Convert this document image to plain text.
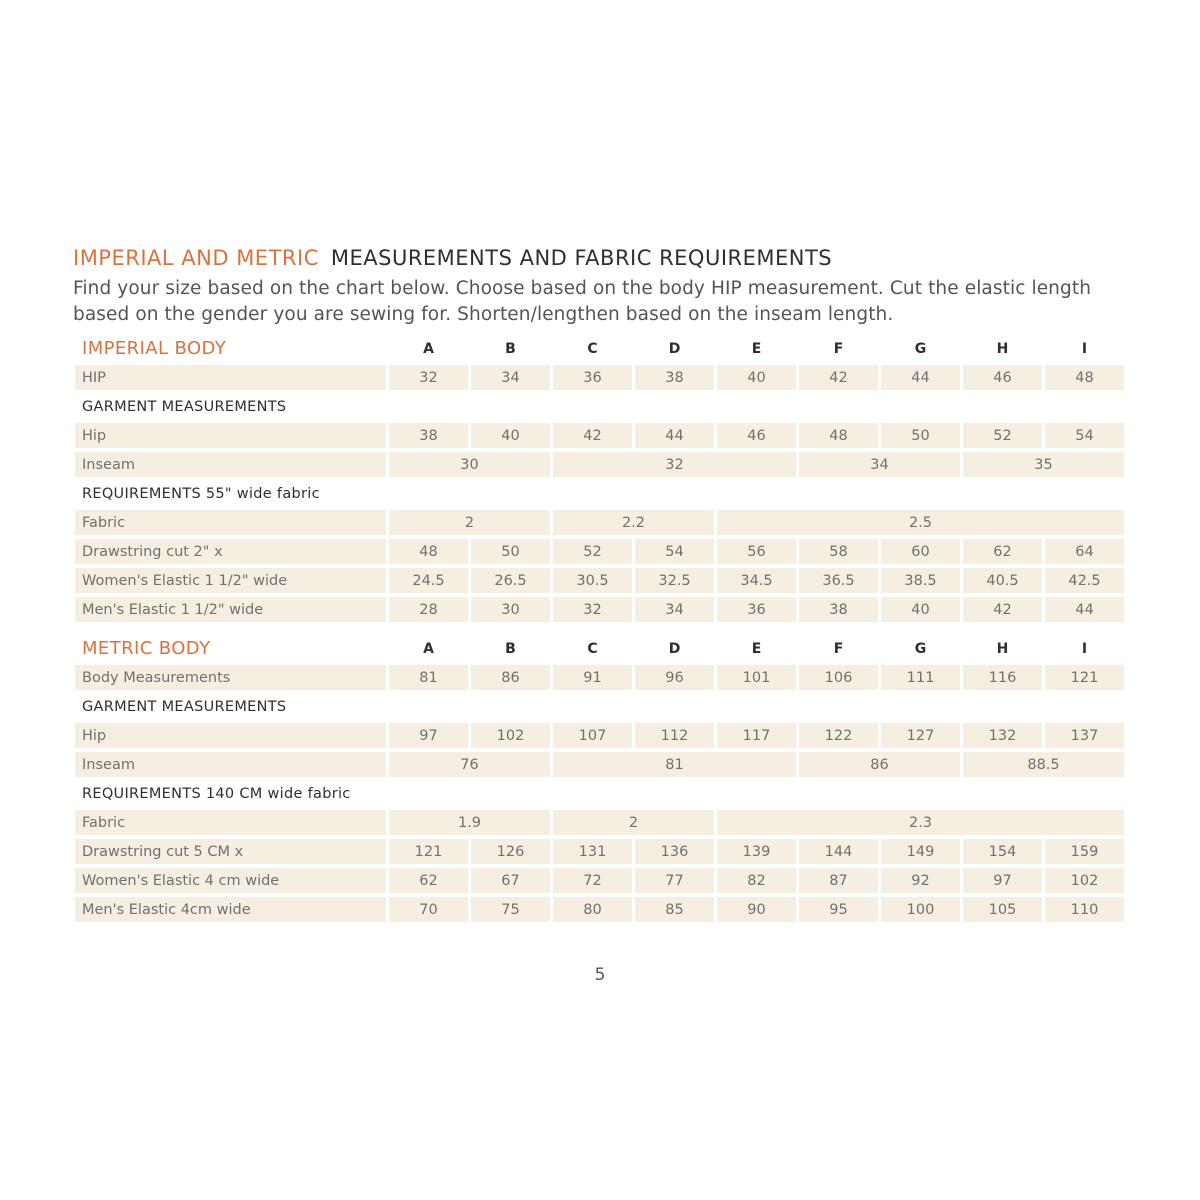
IMPERIAL AND METRIC MEASUREMENTS AND FABRIC REQUIREMENTS
Find your size based on the chart below. Choose based on the body HIP measurement. Cut the elastic length based on the gender you are sewing for. Shorten/lengthen based on the inseam length.
IMPERIAL BODY	A	B	C	D	E	F	G	H	I
HIP	32	34	36	38	40	42	44	46	48
GARMENT MEASUREMENTS									
Hip	38	40	42	44	46	48	50	52	54
Inseam	30		32			34		35	
REQUIREMENTS 55" wide fabric									
Fabric	2		2.2		2.5				
Drawstring cut 2" x	48	50	52	54	56	58	60	62	64
Women's Elastic 1 1/2" wide	24.5	26.5	30.5	32.5	34.5	36.5	38.5	40.5	42.5
Men's Elastic 1 1/2" wide	28	30	32	34	36	38	40	42	44

METRIC BODY	A	B	C	D	E	F	G	H	I
Body Measurements	81	86	91	96	101	106	111	116	121
GARMENT MEASUREMENTS									
Hip	97	102	107	112	117	122	127	132	137
Inseam	76		81			86		88.5	
REQUIREMENTS 140 CM wide fabric									
Fabric	1.9		2		2.3				
Drawstring cut 5 CM x	121	126	131	136	139	144	149	154	159
Women's Elastic 4 cm wide	62	67	72	77	82	87	92	97	102
Men's Elastic 4cm wide	70	75	80	85	90	95	100	105	110
5
